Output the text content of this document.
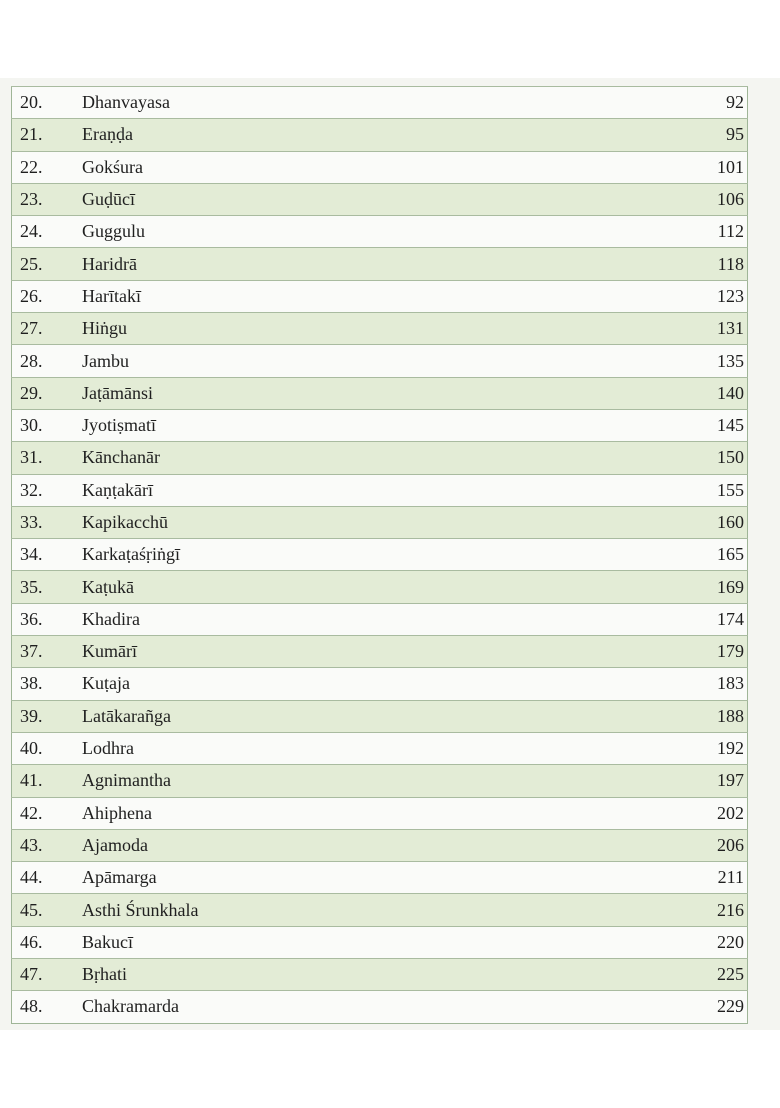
20.	Dhanvayasa	92
21.	Eraṇḍa	95
22.	Gokśura	101
23.	Guḍūcī	106
24.	Guggulu	112
25.	Haridrā	118
26.	Harītakī	123
27.	Hiṅgu	131
28.	Jambu	135
29.	Jaṭāmānsi	140
30.	Jyotiṣmatī	145
31.	Kānchanār	150
32.	Kaṇṭakārī	155
33.	Kapikacchū	160
34.	Karkaṭaśṛiṅgī	165
35.	Kaṭukā	169
36.	Khadira	174
37.	Kumārī	179
38.	Kuṭaja	183
39.	Latākarañga	188
40.	Lodhra	192
41.	Agnimantha	197
42.	Ahiphena	202
43.	Ajamoda	206
44.	Apāmarga	211
45.	Asthi Śrunkhala	216
46.	Bakucī	220
47.	Bṛhati	225
48.	Chakramarda	229
